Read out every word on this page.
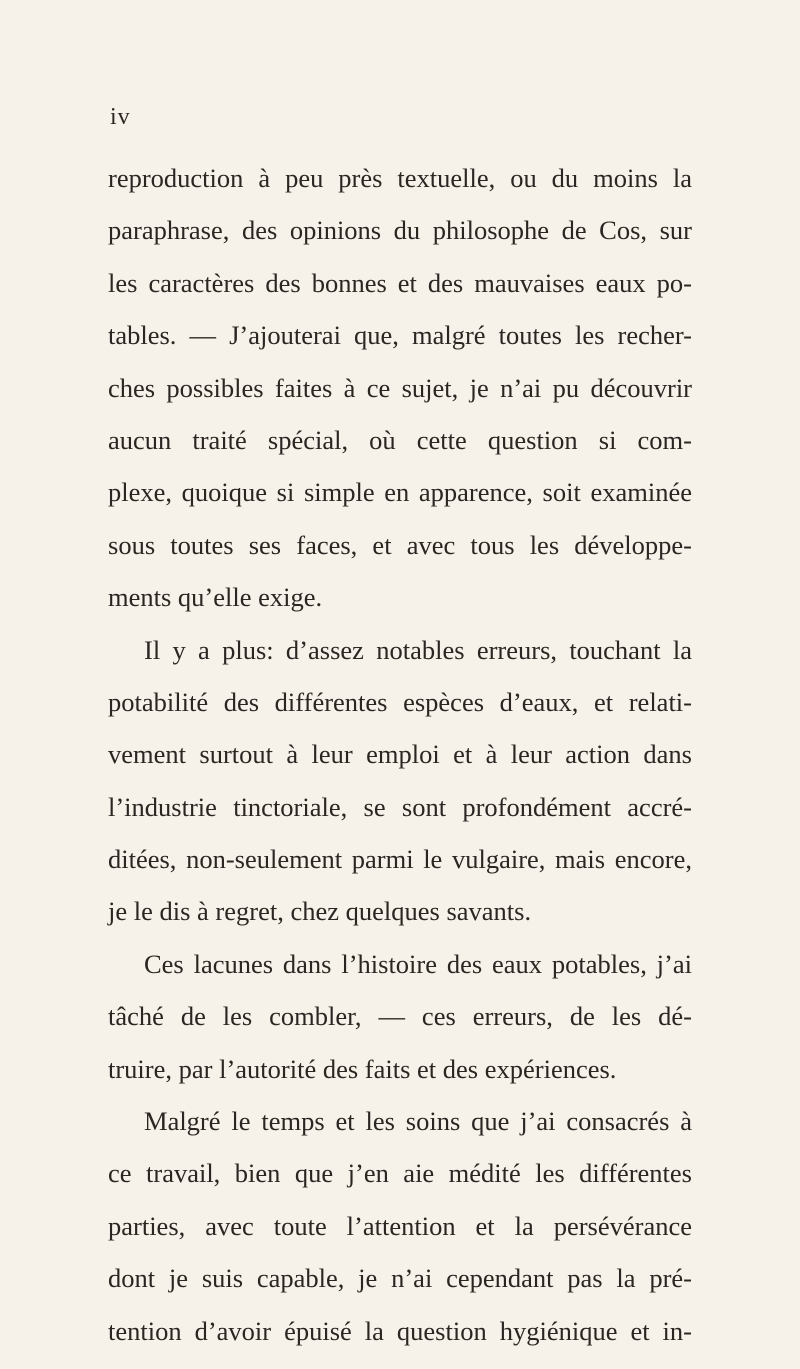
iv
reproduction à peu près textuelle, ou du moins la
paraphrase, des opinions du philosophe de Cos, sur
les caractères des bonnes et des mauvaises eaux po-
tables. — J’ajouterai que, malgré toutes les recher-
ches possibles faites à ce sujet, je n’ai pu découvrir
aucun traité spécial, où cette question si com-
plexe, quoique si simple en apparence, soit examinée
sous toutes ses faces, et avec tous les développe-
ments qu’elle exige.
Il y a plus: d’assez notables erreurs, touchant la
potabilité des différentes espèces d’eaux, et relati-
vement surtout à leur emploi et à leur action dans
l’industrie tinctoriale, se sont profondément accré-
ditées, non-seulement parmi le vulgaire, mais encore,
je le dis à regret, chez quelques savants.
Ces lacunes dans l’histoire des eaux potables, j’ai
tâché de les combler, — ces erreurs, de les dé-
truire, par l’autorité des faits et des expériences.
Malgré le temps et les soins que j’ai consacrés à
ce travail, bien que j’en aie médité les différentes
parties, avec toute l’attention et la persévérance
dont je suis capable, je n’ai cependant pas la pré-
tention d’avoir épuisé la question hygiénique et in-
